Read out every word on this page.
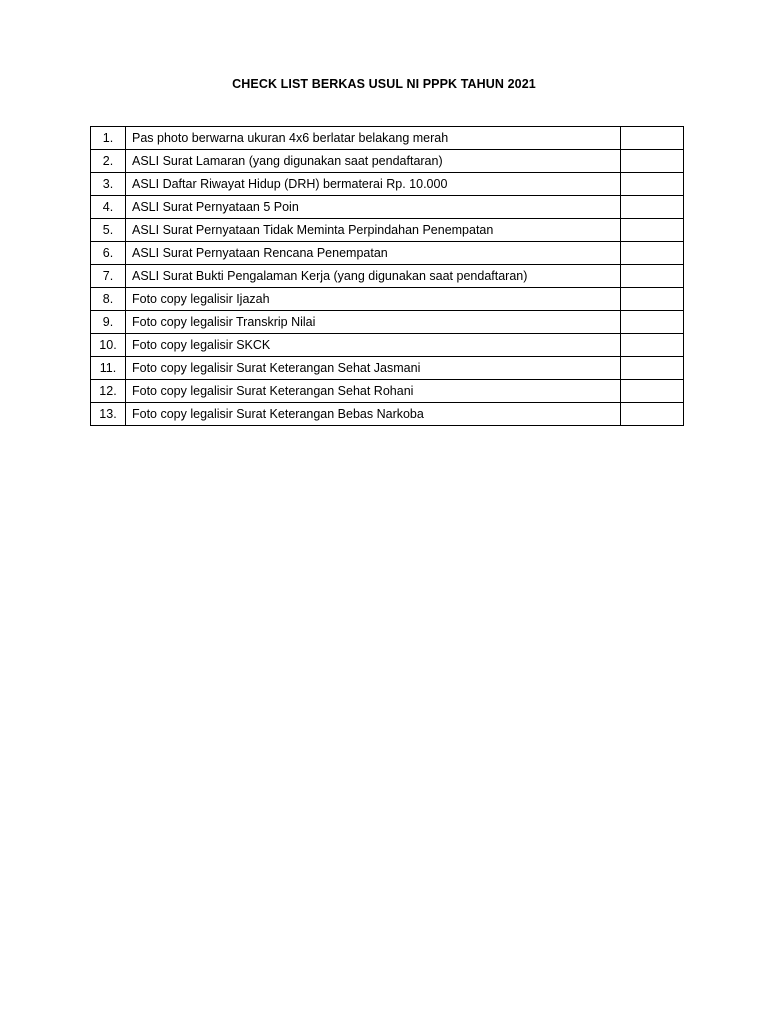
CHECK LIST BERKAS USUL NI PPPK TAHUN 2021
1.	Pas photo berwarna ukuran 4x6 berlatar belakang merah	
2.	ASLI Surat Lamaran (yang digunakan saat pendaftaran)	
3.	ASLI Daftar Riwayat Hidup (DRH) bermaterai Rp. 10.000	
4.	ASLI Surat Pernyataan 5 Poin	
5.	ASLI Surat Pernyataan Tidak Meminta Perpindahan Penempatan	
6.	ASLI Surat Pernyataan Rencana Penempatan	
7.	ASLI Surat Bukti Pengalaman Kerja (yang digunakan saat pendaftaran)	
8.	Foto copy legalisir Ijazah	
9.	Foto copy legalisir Transkrip Nilai	
10.	Foto copy legalisir SKCK	
11.	Foto copy legalisir Surat Keterangan Sehat Jasmani	
12.	Foto copy legalisir Surat Keterangan Sehat Rohani	
13.	Foto copy legalisir Surat Keterangan Bebas Narkoba	
